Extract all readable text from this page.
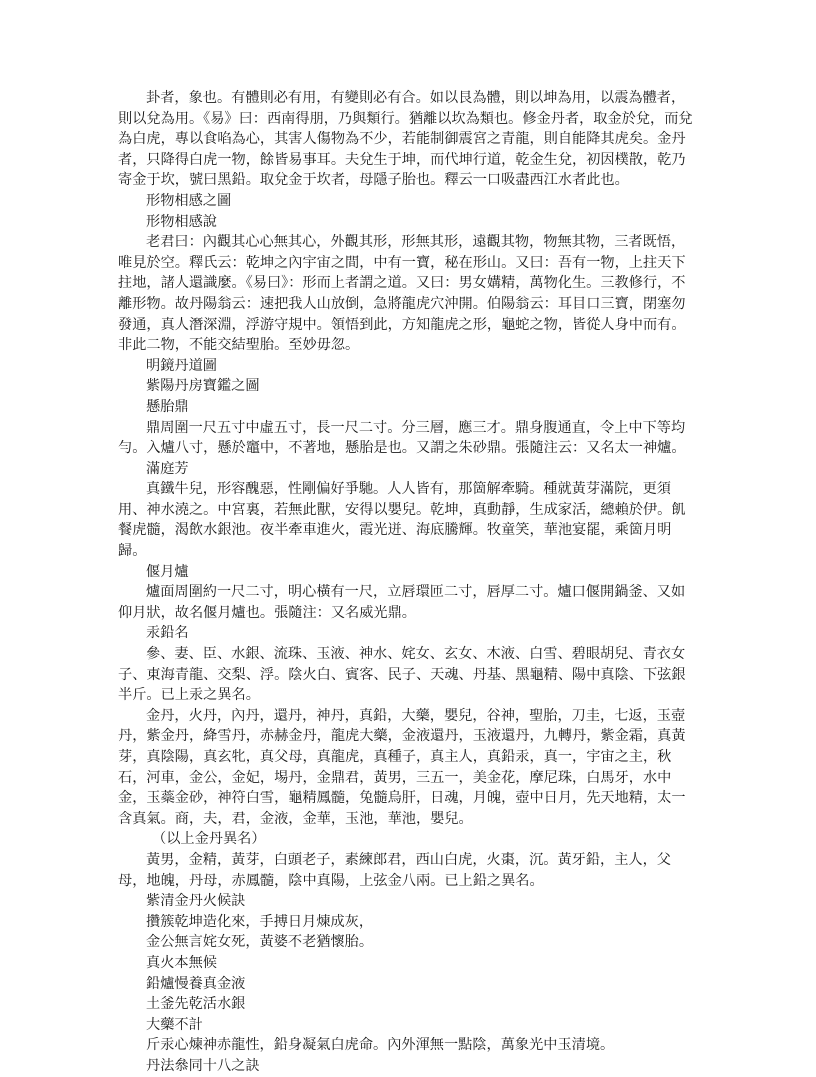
卦者，象也。有體則必有用，有變則必有合。如以艮為體，則以坤為用，以震為體者，則以兌為用。《易》曰：西南得朋，乃與類行。猶離以坎為類也。修金丹者，取金於兌，而兌為白虎，專以食啗為心，其害人傷物為不少，若能制御震宮之青龍，則自能降其虎矣。金丹者，只降得白虎一物，餘皆易事耳。夫兌生于坤，而代坤行道，乾金生兌，初因樸散，乾乃寄金于坎，號曰黑鉛。取兌金于坎者，母隱子胎也。釋云一口吸盡西江水者此也。

形物相感之圖

形物相感說

老君曰：內觀其心心無其心，外觀其形，形無其形，遠觀其物，物無其物，三者既悟，唯見於空。釋氏云：乾坤之內宇宙之間，中有一寶，秘在形山。又曰：吾有一物，上拄天下拄地，諸人還識麼。《易曰》：形而上者謂之道。又曰：男女媾精，萬物化生。三教修行，不離形物。故丹陽翁云：速把我人山放倒，急將龍虎穴沖開。伯陽翁云：耳目口三寶，閉塞勿發通，真人潛深淵，浮游守規中。領悟到此，方知龍虎之形，龜蛇之物，皆從人身中而有。非此二物，不能交結聖胎。至妙毋忽。

明鏡丹道圖

紫陽丹房寶鑑之圖

懸胎鼎

鼎周圍一尺五寸中虛五寸，長一尺二寸。分三層，應三才。鼎身腹通直，令上中下等均勻。入爐八寸，懸於竈中，不著地，懸胎是也。又謂之朱砂鼎。張隨注云：又名太一神爐。

滿庭芳

真鐵牛兒，形容醜惡，性剛偏好爭馳。人人皆有，那箇解牽騎。種就黃芽滿院，更須用、神水澆之。中宮裏，若無此獸，安得以嬰兒。乾坤，真動靜，生成家活，總賴於伊。飢餐虎髓，渴飲水銀池。夜半牽車進火，霞光迸、海底騰輝。牧童笑，華池宴罷，乘箇月明歸。

偃月爐

爐面周圍約一尺二寸，明心橫有一尺，立唇環匝二寸，唇厚二寸。爐口偃開鍋釜、又如仰月狀，故名偃月爐也。張隨注：又名威光鼎。

汞鉛名

參、妻、臣、水銀、流珠、玉液、神水、姹女、玄女、木液、白雪、碧眼胡兒、青衣女子、東海青龍、交梨、浮。陰火白、賓客、民子、天魂、丹基、黑龜精、陽中真陰、下弦銀半斤。已上汞之異名。

金丹，火丹，內丹，還丹，神丹，真鉛，大藥，嬰兒，谷神，聖胎，刀圭，七返，玉壺丹，紫金丹，絳雪丹，赤赫金丹，龍虎大藥，金液還丹，玉液還丹，九轉丹，紫金霜，真黃芽，真陰陽，真玄牝，真父母，真龍虎，真種子，真主人，真鉛汞，真一，宇宙之主，秋石，河車，金公，金妃，埸丹，金鼎君，黃男，三五一，美金花，摩尼珠，白馬牙，水中金，玉蘂金砂，神符白雪，龜精鳳髓，兔髓烏肝，日魂，月魄，壺中日月，先天地精，太一含真氣。商，夫，君，金液，金華，玉池，華池，嬰兒。

（以上金丹異名）

黃男，金精，黃芽，白頭老子，素練郎君，西山白虎，火棗，沉。黃牙鉛，主人，父母，地魄，丹母，赤鳳髓，陰中真陽，上弦金八兩。已上鉛之異名。

紫清金丹火候訣

攢簇乾坤造化來，手搏日月煉成灰，

金公無言姹女死，黃婆不老猶懷胎。

真火本無候

鉛爐慢養真金液

土釜先乾活水銀

大藥不計

斤汞心煉神赤龍性，鉛身凝氣白虎命。內外渾無一點陰，萬象光中玉清境。

丹法叅同十八之訣
